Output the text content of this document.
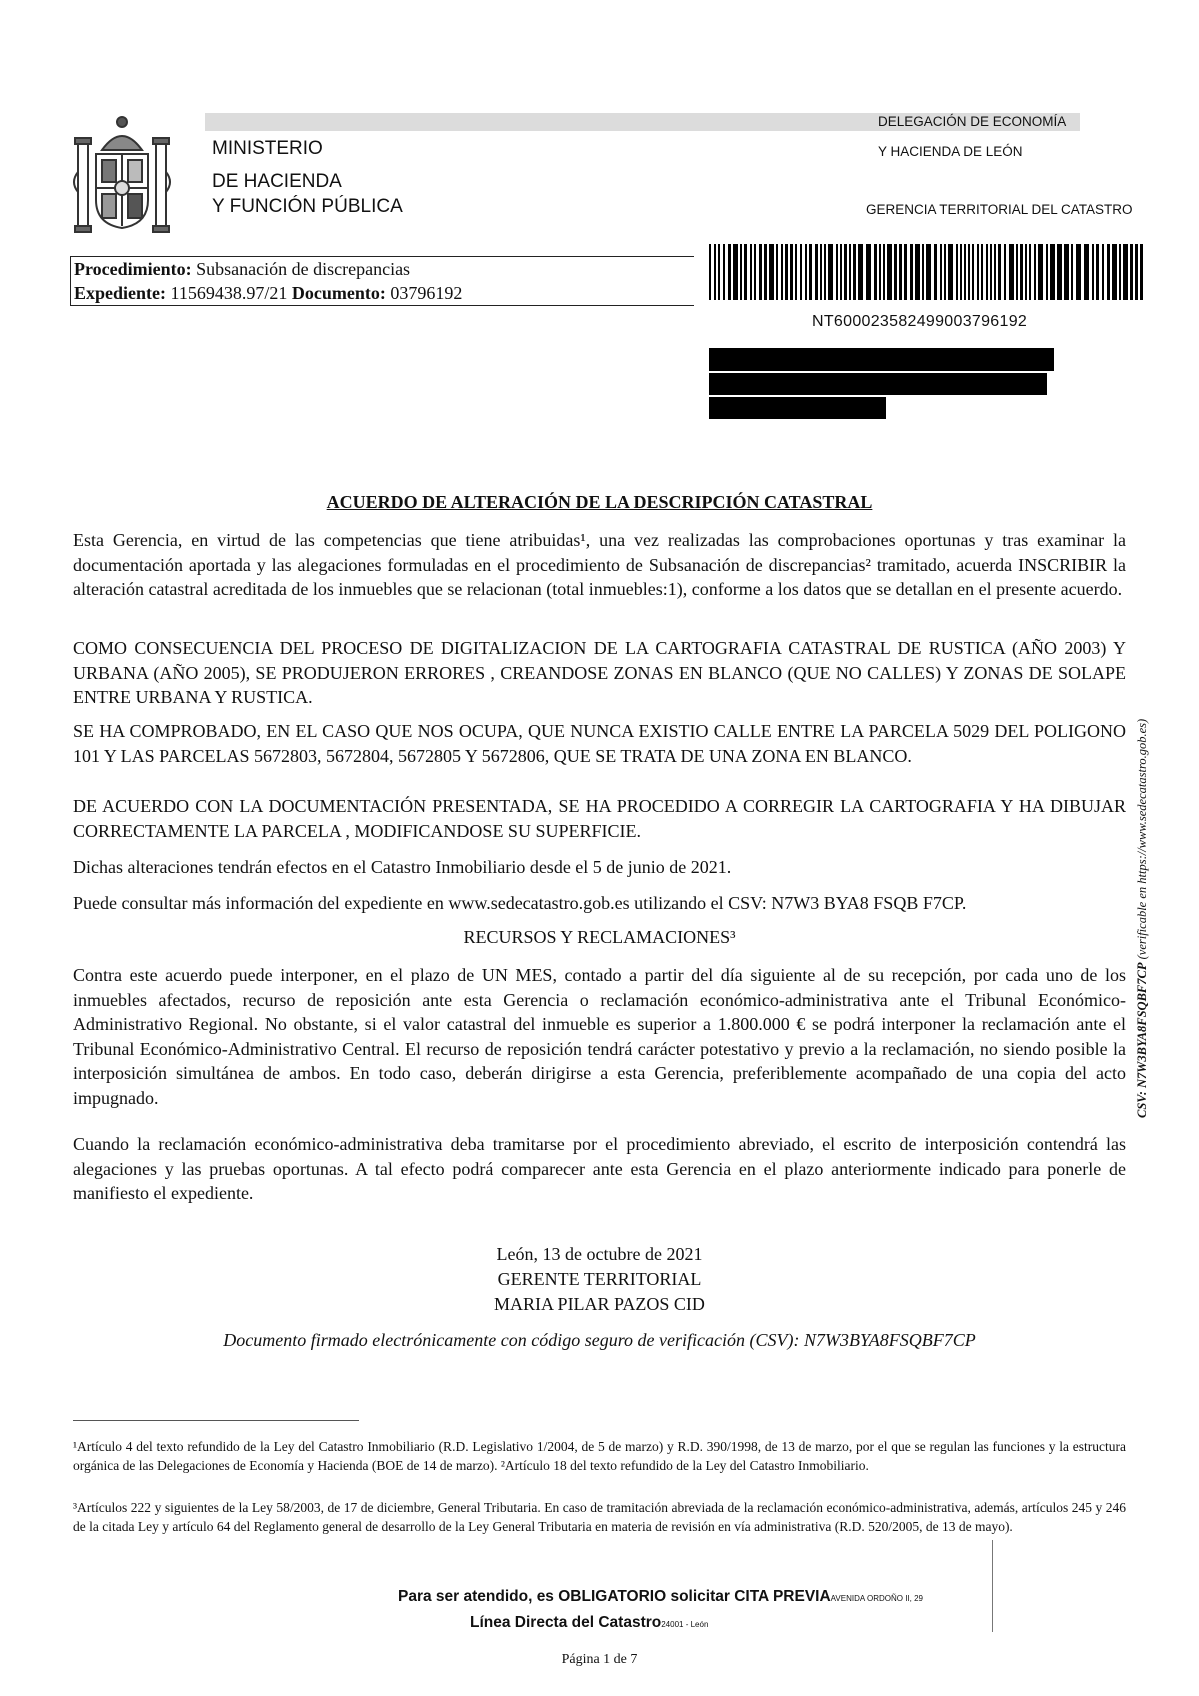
MINISTERIO
DE HACIENDA
Y FUNCIÓN PÚBLICA
DELEGACIÓN DE ECONOMÍA
Y HACIENDA DE LEÓN
GERENCIA TERRITORIAL DEL CATASTRO
Procedimiento: Subsanación de discrepancias
Expediente: 11569438.97/21 Documento: 03796192
NT600023582499003796192
ACUERDO DE ALTERACIÓN DE LA DESCRIPCIÓN CATASTRAL
Esta Gerencia, en virtud de las competencias que tiene atribuidas¹, una vez realizadas las comprobaciones oportunas y tras examinar la documentación aportada y las alegaciones formuladas en el procedimiento de Subsanación de discrepancias² tramitado, acuerda INSCRIBIR la alteración catastral acreditada de los inmuebles que se relacionan (total inmuebles:1), conforme a los datos que se detallan en el presente acuerdo.
COMO CONSECUENCIA DEL PROCESO DE DIGITALIZACION DE LA CARTOGRAFIA CATASTRAL DE RUSTICA (AÑO 2003) Y URBANA (AÑO 2005), SE PRODUJERON ERRORES , CREANDOSE ZONAS EN BLANCO (QUE NO CALLES) Y ZONAS DE SOLAPE ENTRE URBANA Y RUSTICA.
SE HA COMPROBADO, EN EL CASO QUE NOS OCUPA, QUE NUNCA EXISTIO CALLE ENTRE LA PARCELA 5029 DEL POLIGONO 101 Y LAS PARCELAS 5672803, 5672804, 5672805 Y 5672806, QUE SE TRATA DE UNA ZONA EN BLANCO.
DE ACUERDO CON LA DOCUMENTACIÓN PRESENTADA, SE HA PROCEDIDO A CORREGIR LA CARTOGRAFIA Y HA DIBUJAR CORRECTAMENTE LA PARCELA , MODIFICANDOSE SU SUPERFICIE.
Dichas alteraciones tendrán efectos en el Catastro Inmobiliario desde el 5 de junio de 2021.
Puede consultar más información del expediente en www.sedecatastro.gob.es utilizando el CSV: N7W3 BYA8 FSQB F7CP.
RECURSOS Y RECLAMACIONES³
Contra este acuerdo puede interponer, en el plazo de UN MES, contado a partir del día siguiente al de su recepción, por cada uno de los inmuebles afectados, recurso de reposición ante esta Gerencia o reclamación económico-administrativa ante el Tribunal Económico-Administrativo Regional. No obstante, si el valor catastral del inmueble es superior a 1.800.000 € se podrá interponer la reclamación ante el Tribunal Económico-Administrativo Central. El recurso de reposición tendrá carácter potestativo y previo a la reclamación, no siendo posible la interposición simultánea de ambos. En todo caso, deberán dirigirse a esta Gerencia, preferiblemente acompañado de una copia del acto impugnado.
Cuando la reclamación económico-administrativa deba tramitarse por el procedimiento abreviado, el escrito de interposición contendrá las alegaciones y las pruebas oportunas. A tal efecto podrá comparecer ante esta Gerencia en el plazo anteriormente indicado para ponerle de manifiesto el expediente.
León, 13 de octubre de 2021
GERENTE TERRITORIAL
MARIA PILAR PAZOS CID
Documento firmado electrónicamente con código seguro de verificación (CSV): N7W3BYA8FSQBF7CP
CSV: N7W3BYA8FSQBF7CP (verificable en https://www.sedecatastro.gob.es)
¹Artículo 4 del texto refundido de la Ley del Catastro Inmobiliario (R.D. Legislativo 1/2004, de 5 de marzo) y R.D. 390/1998, de 13 de marzo, por el que se regulan las funciones y la estructura orgánica de las Delegaciones de Economía y Hacienda (BOE de 14 de marzo). ²Artículo 18 del texto refundido de la Ley del Catastro Inmobiliario.
³Artículos 222 y siguientes de la Ley 58/2003, de 17 de diciembre, General Tributaria. En caso de tramitación abreviada de la reclamación económico-administrativa, además, artículos 245 y 246 de la citada Ley y artículo 64 del Reglamento general de desarrollo de la Ley General Tributaria en materia de revisión en vía administrativa (R.D. 520/2005, de 13 de mayo).
Para ser atendido, es OBLIGATORIO solicitar CITA PREVIAAVENIDA ORDOÑO II, 29
Línea Directa del Catastro24001 - León
Página 1 de 7
